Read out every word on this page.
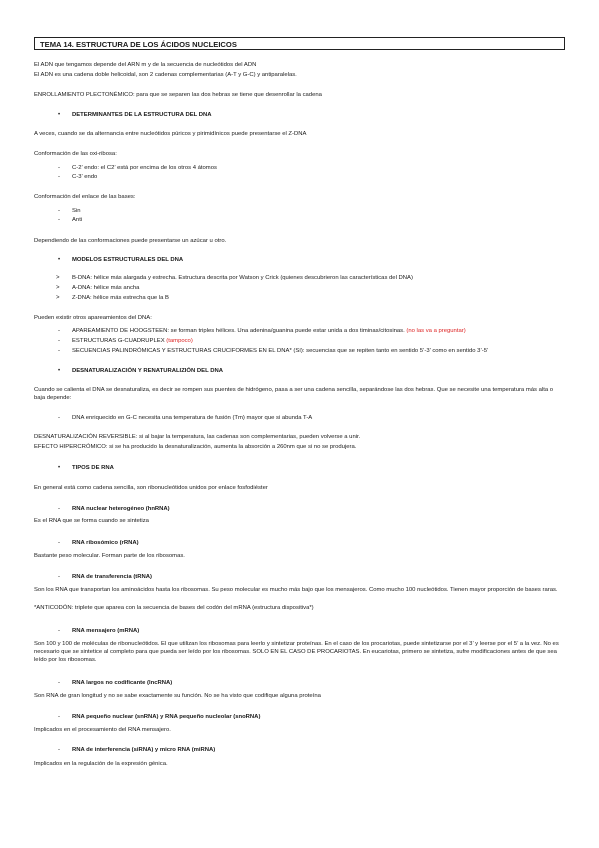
TEMA 14. ESTRUCTURA DE LOS ÁCIDOS NUCLEICOS
El ADN que tengamos depende del ARN m y de la secuencia de nucleótidos del ADN
El ADN es una cadena doble helicoidal, son 2 cadenas complementarias (A-T y G-C) y antiparalelas.
ENROLLAMIENTO PLECTONÉMICO: para que se separen las dos hebras se tiene que desenrollar la cadena
• DETERMINANTES DE LA ESTRUCTURA DEL DNA
A veces, cuando se da alternancia entre nucleótidos púricos y pirimidínicos puede presentarse el Z-DNA
Conformación de las oxi-ribosa:
- C-2’ endo: el C2’ está por encima de los otros 4 átomos
- C-3’ endo
Conformación del enlace de las bases:
- Sin
- Anti
Dependiendo de las conformaciones puede presentarse un azúcar u otro.
• MODELOS ESTRUCTURALES DEL DNA
> B-DNA: hélice más alargada y estrecha. Estructura descrita por Watson y Crick (quienes descubrieron las características del DNA)
> A-DNA: hélice más ancha
> Z-DNA: hélice más estrecha que la B
Pueden existir otros apareamientos del DNA:
- APAREAMIENTO DE HOOGSTEEN: se forman triples hélices. Una adenina/guanina puede estar unida a dos timinas/citosinas. (no las va a preguntar)
- ESTRUCTURAS G-CUADRUPLEX (tampoco)
- SECUENCIAS PALINDRÓMICAS Y ESTRUCTURAS CRUCIFORMES EN EL DNA* (Sí): secuencias que se repiten tanto en sentido 5’-3’ como en sentido 3’-5’
• DESNATURALIZACIÓN Y RENATURALIZIÓN DEL DNA
Cuando se calienta el DNA se desnaturaliza, es decir se rompen sus puentes de hidrógeno, pasa a ser una cadena sencilla, separándose las dos hebras. Que se necesite una temperatura más alta o baja depende:
- DNA enriquecido en G-C necesita una temperatura de fusión (Tm) mayor que si abunda T-A
DESNATURALIZACIÓN REVERSIBLE: si al bajar la temperatura, las cadenas son complementarias, pueden volverse a unir.
EFECTO HIPERCRÓMICO: si se ha producido la desnaturalización, aumenta la absorción a 260nm que si no se produjera.
• TIPOS DE RNA
En general está como cadena sencilla, son ribonucleótidos unidos por enlace fosfodiéster
- RNA nuclear heterogéneo (hnRNA)
Es el RNA que se forma cuando se sintetiza
- RNA ribosómico (rRNA)
Bastante peso molecular. Forman parte de los ribosomas.
- RNA de transferencia (tRNA)
Son los RNA que transportan los aminoácidos hasta los ribosomas. Su peso molecular es mucho más bajo que los mensajeros. Como mucho 100 nucleótidos. Tienen mayor proporción de bases raras.
*ANTICODÓN: triplete que aparea con la secuencia de bases del codón del mRNA (estructura dispositiva*)
- RNA mensajero (mRNA)
Son 100 y 100 de moléculas de ribonucleótidos. El que utilizan los ribosomas para leerlo y sintetizar proteínas. En el caso de los procariotas, puede sintetizarse por el 3’ y leerse por el 5’ a la vez. No es necesario que se sintetice al completo para que pueda ser leído por los ribosomas. SOLO EN EL CASO DE PROCARIOTAS. En eucariotas, primero se sintetiza, sufre modificaciones antes de que sea leído por los ribosomas.
- RNA largos no codificante (lncRNA)
Son RNA de gran longitud y no se sabe exactamente su función. No se ha visto que codifique alguna proteína
- RNA pequeño nuclear (snRNA) y RNA pequeño nucleolar (snoRNA)
Implicados en el procesamiento del RNA mensajero.
- RNA de interferencia (siRNA) y micro RNA (miRNA)
Implicados en la regulación de la expresión génica.
